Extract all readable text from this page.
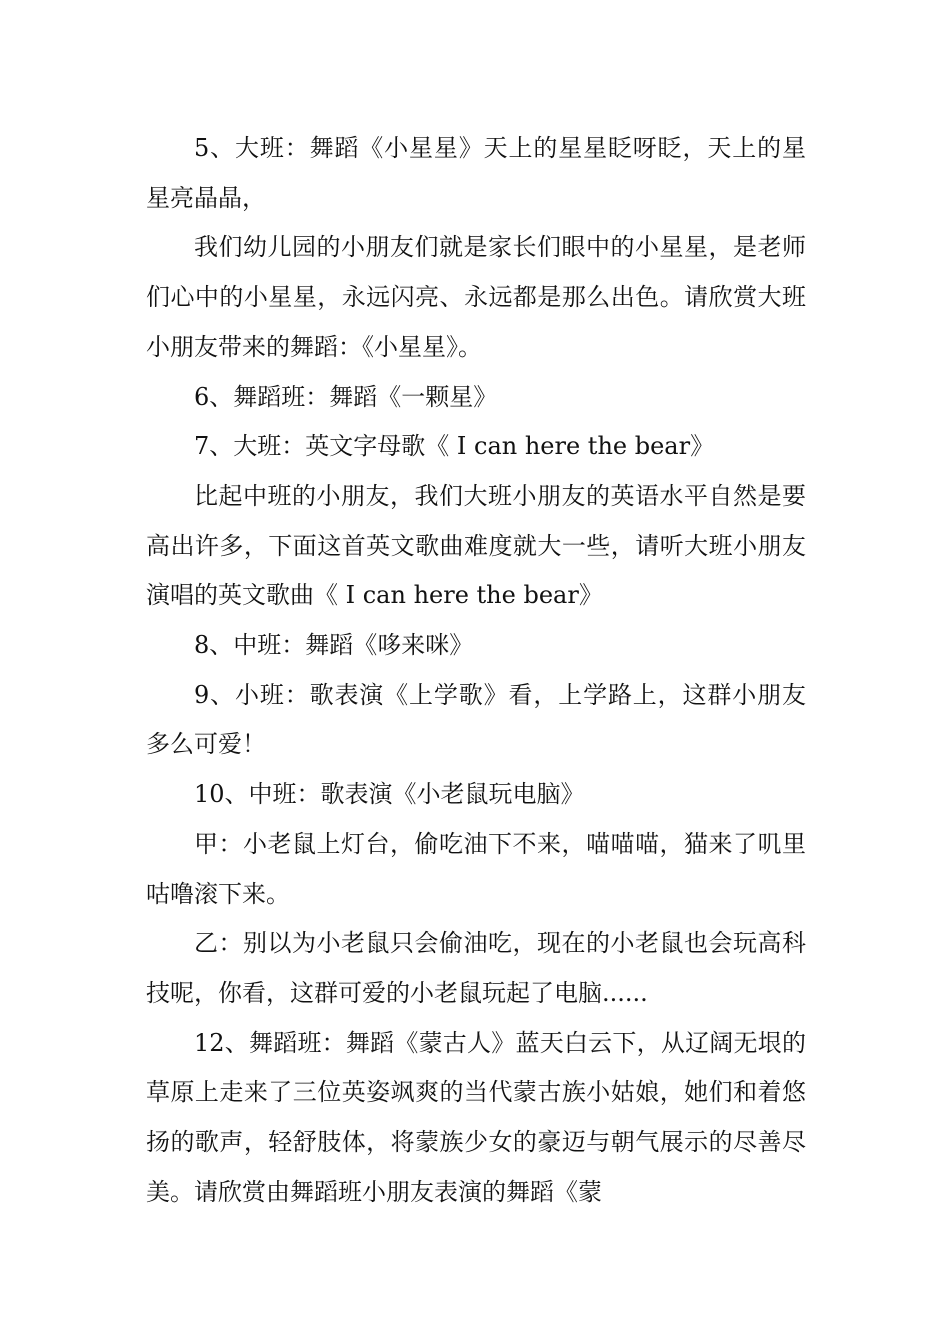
5、大班：舞蹈《小星星》天上的星星眨呀眨，天上的星星亮晶晶，

我们幼儿园的小朋友们就是家长们眼中的小星星，是老师们心中的小星星，永远闪亮、永远都是那么出色。请欣赏大班小朋友带来的舞蹈：《小星星》。

6、舞蹈班：舞蹈《一颗星》

7、大班：英文字母歌《 I can here the bear》

比起中班的小朋友，我们大班小朋友的英语水平自然是要高出许多，下面这首英文歌曲难度就大一些，请听大班小朋友演唱的英文歌曲《 I can here the bear》

8、中班：舞蹈《哆来咪》

9、小班：歌表演《上学歌》看，上学路上，这群小朋友多么可爱！

10、中班：歌表演《小老鼠玩电脑》

甲：小老鼠上灯台，偷吃油下不来，喵喵喵，猫来了叽里咕噜滚下来。

乙：别以为小老鼠只会偷油吃，现在的小老鼠也会玩高科技呢，你看，这群可爱的小老鼠玩起了电脑......

12、舞蹈班：舞蹈《蒙古人》蓝天白云下，从辽阔无垠的草原上走来了三位英姿飒爽的当代蒙古族小姑娘，她们和着悠扬的歌声，轻舒肢体，将蒙族少女的豪迈与朝气展示的尽善尽美。请欣赏由舞蹈班小朋友表演的舞蹈《蒙
